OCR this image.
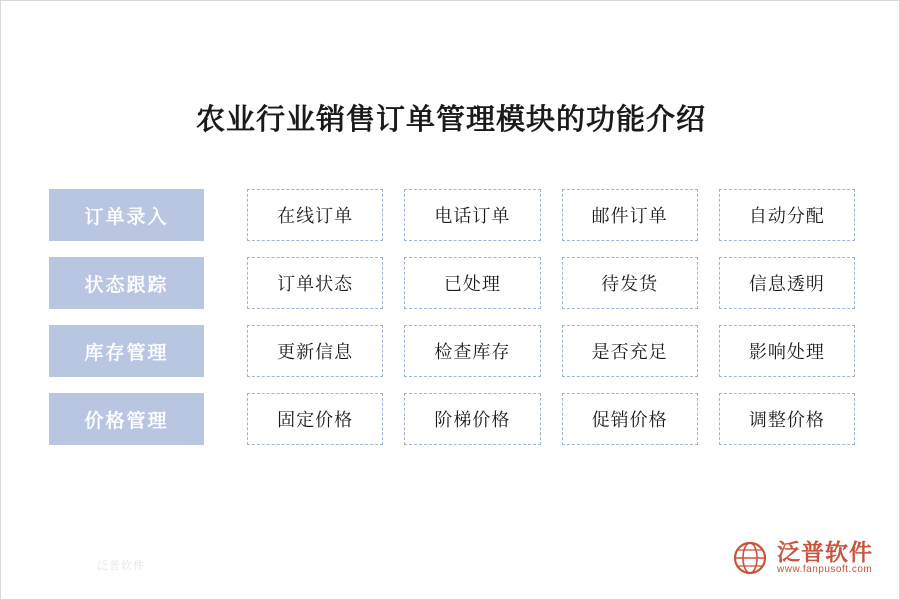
农业行业销售订单管理模块的功能介绍
泛普软件
订单录入	在线订单	电话订单	邮件订单	自动分配
状态跟踪	订单状态	已处理	待发货	信息透明
库存管理	更新信息	检查库存	是否充足	影响处理
价格管理	固定价格	阶梯价格	促销价格	调整价格
泛普软件
www.fanpusoft.com
